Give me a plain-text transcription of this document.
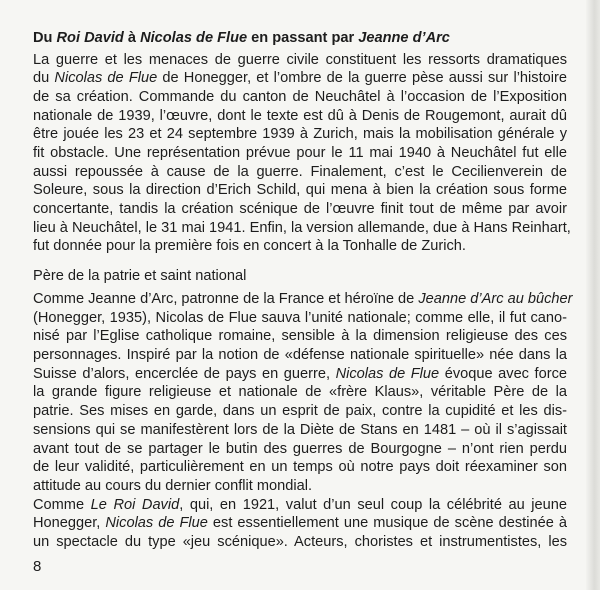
Du Roi David à Nicolas de Flue en passant par Jeanne d’Arc
La guerre et les menaces de guerre civile constituent les ressorts dramatiques
du Nicolas de Flue de Honegger, et l’ombre de la guerre pèse aussi sur l’histoire
de sa création. Commande du canton de Neuchâtel à l’occasion de l’Exposition
nationale de 1939, l’œuvre, dont le texte est dû à Denis de Rougemont, aurait dû
être jouée les 23 et 24 septembre 1939 à Zurich, mais la mobilisation générale y
fit obstacle. Une représentation prévue pour le 11 mai 1940 à Neuchâtel fut elle
aussi repoussée à cause de la guerre. Finalement, c’est le Cecilienverein de
Soleure, sous la direction d’Erich Schild, qui mena à bien la création sous forme
concertante, tandis la création scénique de l’œuvre finit tout de même par avoir
lieu à Neuchâtel, le 31 mai 1941. Enfin, la version allemande, due à Hans Reinhart,
fut donnée pour la première fois en concert à la Tonhalle de Zurich.
Père de la patrie et saint national
Comme Jeanne d’Arc, patronne de la France et héroïne de Jeanne d’Arc au bûcher
(Honegger, 1935), Nicolas de Flue sauva l’unité nationale; comme elle, il fut cano-
nisé par l’Eglise catholique romaine, sensible à la dimension religieuse des ces
personnages. Inspiré par la notion de «défense nationale spirituelle» née dans la
Suisse d’alors, encerclée de pays en guerre, Nicolas de Flue évoque avec force
la grande figure religieuse et nationale de «frère Klaus», véritable Père de la
patrie. Ses mises en garde, dans un esprit de paix, contre la cupidité et les dis-
sensions qui se manifestèrent lors de la Diète de Stans en 1481 – où il s’agissait
avant tout de se partager le butin des guerres de Bourgogne – n’ont rien perdu
de leur validité, particulièrement en un temps où notre pays doit réexaminer son
attitude au cours du dernier conflit mondial.
Comme Le Roi David, qui, en 1921, valut d’un seul coup la célébrité au jeune
Honegger, Nicolas de Flue est essentiellement une musique de scène destinée à
un spectacle du type «jeu scénique». Acteurs, choristes et instrumentistes, les
8
